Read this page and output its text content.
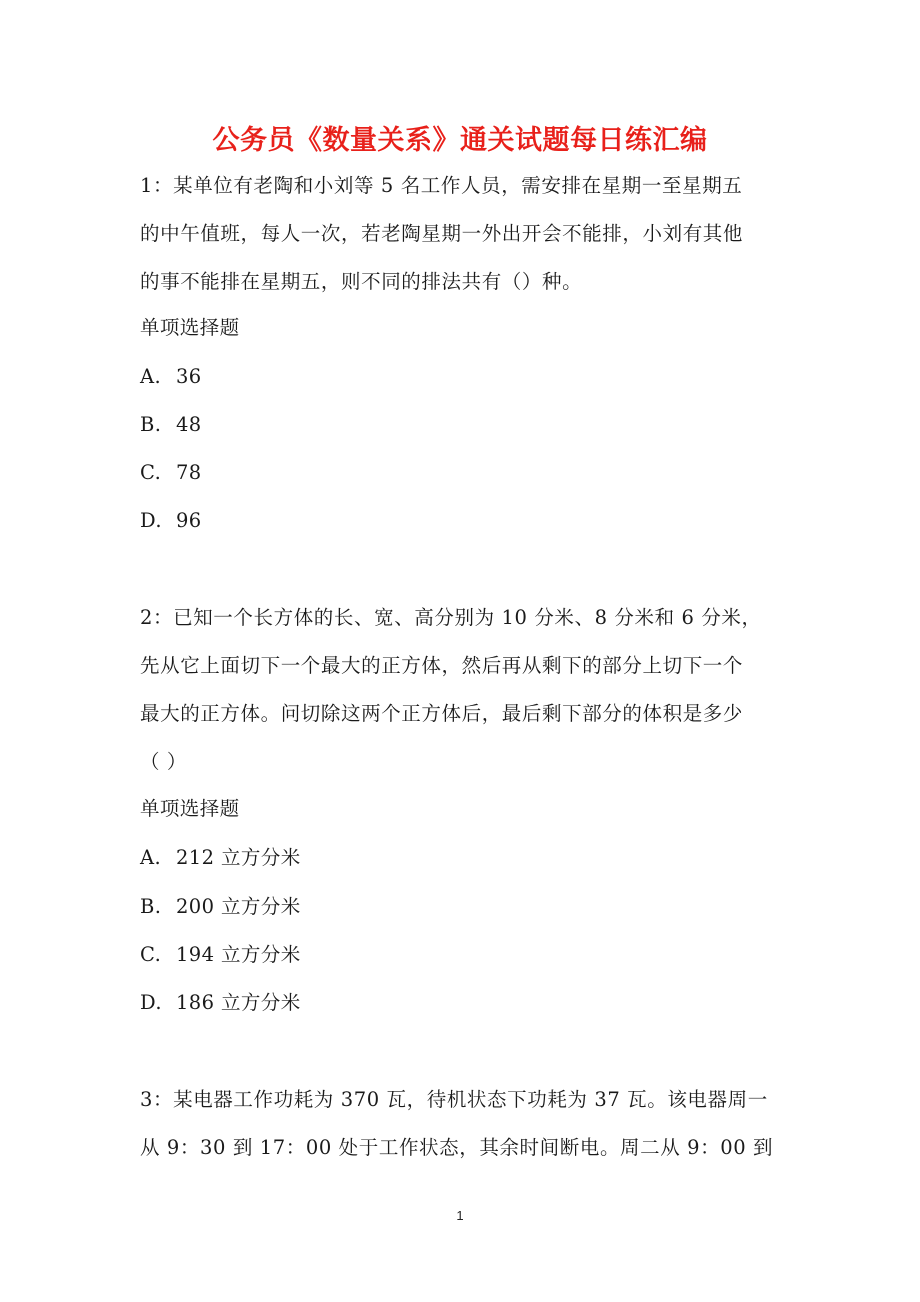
公务员《数量关系》通关试题每日练汇编
1：某单位有老陶和小刘等 5 名工作人员，需安排在星期一至星期五
的中午值班，每人一次，若老陶星期一外出开会不能排，小刘有其他
的事不能排在星期五，则不同的排法共有（）种。
单项选择题
A. 36
B. 48
C. 78
D. 96
2：已知一个长方体的长、宽、高分别为 10 分米、8 分米和 6 分米，
先从它上面切下一个最大的正方体，然后再从剩下的部分上切下一个
最大的正方体。问切除这两个正方体后，最后剩下部分的体积是多少
（ ）
单项选择题
A. 212 立方分米
B. 200 立方分米
C. 194 立方分米
D. 186 立方分米
3：某电器工作功耗为 370 瓦，待机状态下功耗为 37 瓦。该电器周一
从 9：30 到 17：00 处于工作状态，其余时间断电。周二从 9：00 到
1
